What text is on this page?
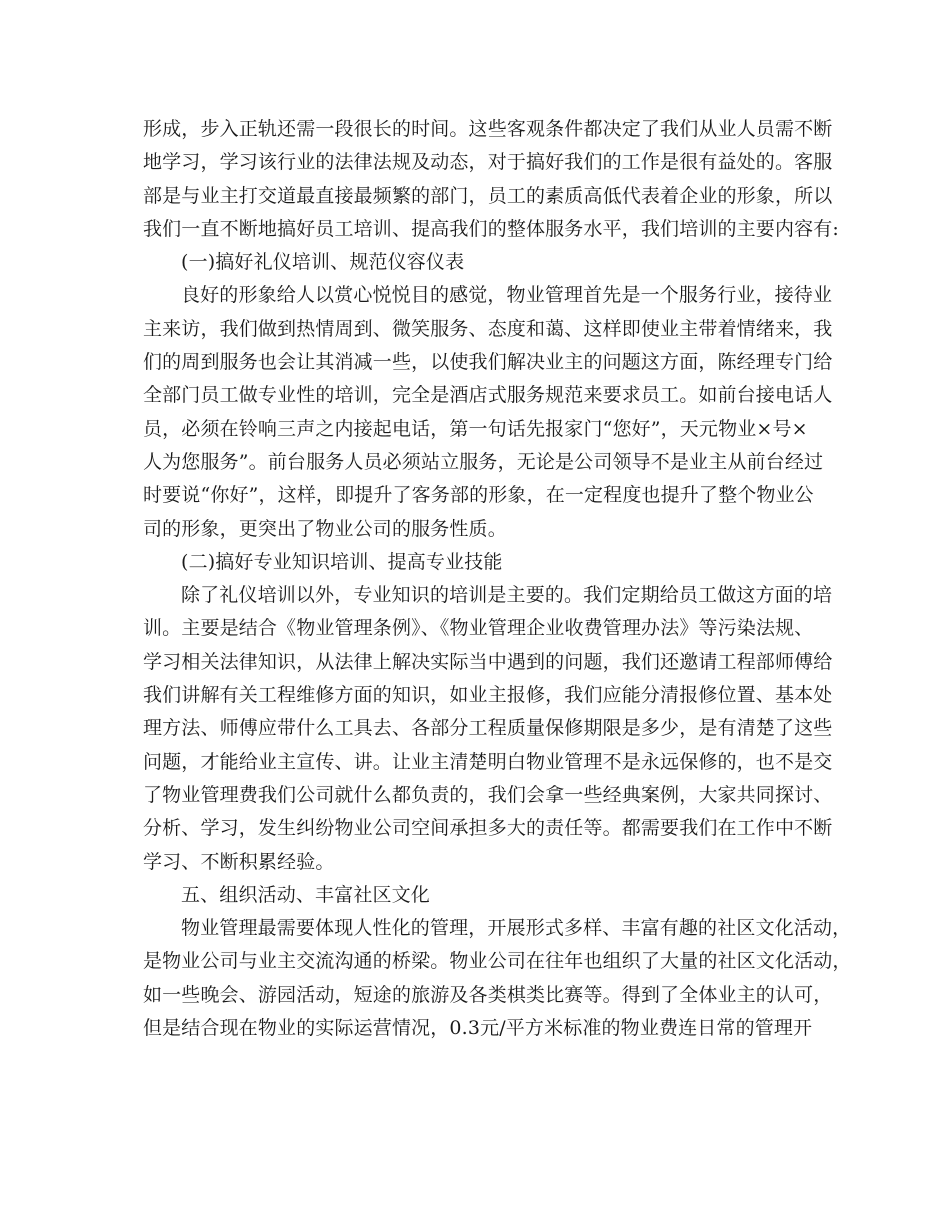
形成，步入正轨还需一段很长的时间。这些客观条件都决定了我们从业人员需不断
地学习，学习该行业的法律法规及动态，对于搞好我们的工作是很有益处的。客服
部是与业主打交道最直接最频繁的部门，员工的素质高低代表着企业的形象，所以
我们一直不断地搞好员工培训、提高我们的整体服务水平，我们培训的主要内容有:
(一)搞好礼仪培训、规范仪容仪表
良好的形象给人以赏心悦悦目的感觉，物业管理首先是一个服务行业，接待业
主来访，我们做到热情周到、微笑服务、态度和蔼、这样即使业主带着情绪来，我
们的周到服务也会让其消减一些，以使我们解决业主的问题这方面，陈经理专门给
全部门员工做专业性的培训，完全是酒店式服务规范来要求员工。如前台接电话人
员，必须在铃响三声之内接起电话，第一句话先报家门“您好”，天元物业×号×
人为您服务”。前台服务人员必须站立服务，无论是公司领导不是业主从前台经过
时要说“你好”，这样，即提升了客务部的形象，在一定程度也提升了整个物业公
司的形象，更突出了物业公司的服务性质。
(二)搞好专业知识培训、提高专业技能
除了礼仪培训以外，专业知识的培训是主要的。我们定期给员工做这方面的培
训。主要是结合《物业管理条例》、《物业管理企业收费管理办法》等污染法规、
学习相关法律知识，从法律上解决实际当中遇到的问题，我们还邀请工程部师傅给
我们讲解有关工程维修方面的知识，如业主报修，我们应能分清报修位置、基本处
理方法、师傅应带什么工具去、各部分工程质量保修期限是多少，是有清楚了这些
问题，才能给业主宣传、讲。让业主清楚明白物业管理不是永远保修的，也不是交
了物业管理费我们公司就什么都负责的，我们会拿一些经典案例，大家共同探讨、
分析、学习，发生纠纷物业公司空间承担多大的责任等。都需要我们在工作中不断
学习、不断积累经验。
五、组织活动、丰富社区文化
物业管理最需要体现人性化的管理，开展形式多样、丰富有趣的社区文化活动，
是物业公司与业主交流沟通的桥梁。物业公司在往年也组织了大量的社区文化活动，
如一些晚会、游园活动，短途的旅游及各类棋类比赛等。得到了全体业主的认可，
但是结合现在物业的实际运营情况，0.3元/平方米标准的物业费连日常的管理开
